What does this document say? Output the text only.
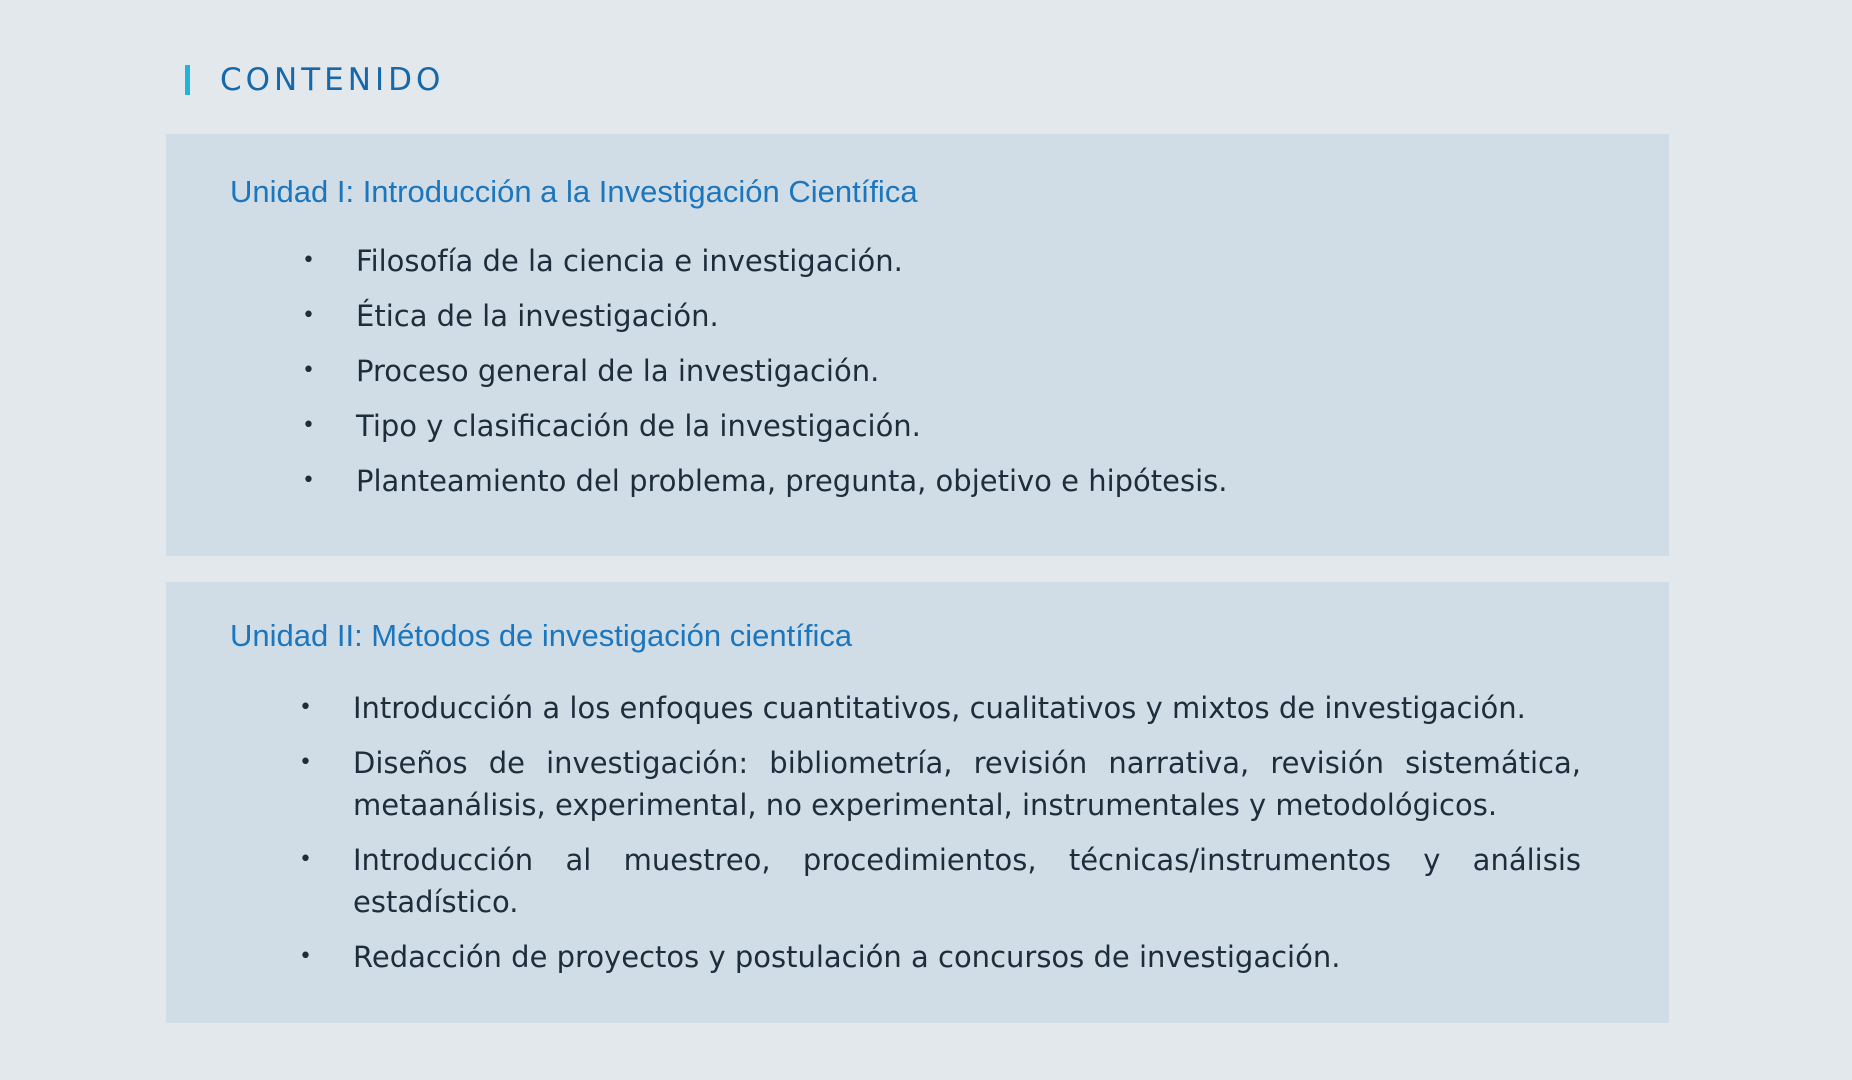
CONTENIDO
Unidad I: Introducción a la Investigación Científica
• Filosofía de la ciencia e investigación.
• Ética de la investigación.
• Proceso general de la investigación.
• Tipo y clasificación de la investigación.
• Planteamiento del problema, pregunta, objetivo e hipótesis.
Unidad II: Métodos de investigación científica
• Introducción a los enfoques cuantitativos, cualitativos y mixtos de investigación.
• Diseños de investigación: bibliometría, revisión narrativa, revisión sistemática, metaanálisis, experimental, no experimental, instrumentales y metodológicos.
• Introducción al muestreo, procedimientos, técnicas/instrumentos y análisis estadístico.
• Redacción de proyectos y postulación a concursos de investigación.
